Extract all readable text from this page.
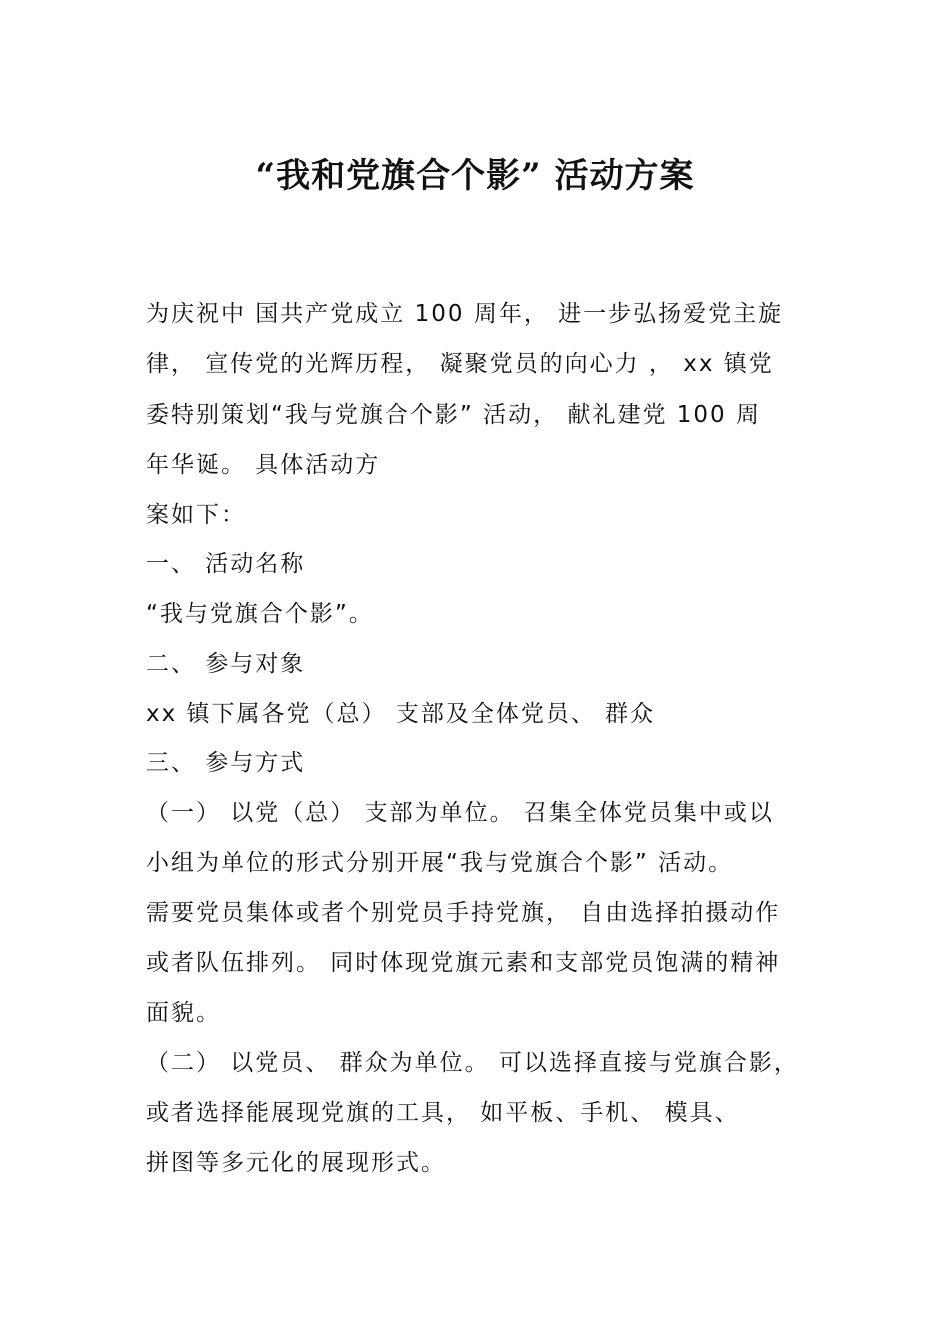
“我和党旗合个影” 活动方案
为庆祝中 国共产党成立 100 周年， 进一步弘扬爱党主旋
律， 宣传党的光辉历程， 凝聚党员的向心力 ， xx 镇党
委特别策划“我与党旗合个影” 活动， 献礼建党 100 周
年华诞。 具体活动方
案如下：
一、 活动名称
“我与党旗合个影”。
二、 参与对象
xx 镇下属各党（总） 支部及全体党员、 群众
三、 参与方式
（一） 以党（总） 支部为单位。 召集全体党员集中或以
小组为单位的形式分别开展“我与党旗合个影” 活动。
需要党员集体或者个别党员手持党旗， 自由选择拍摄动作
或者队伍排列。 同时体现党旗元素和支部党员饱满的精神
面貌。
（二） 以党员、 群众为单位。 可以选择直接与党旗合影，
或者选择能展现党旗的工具， 如平板、手机、 模具、
拼图等多元化的展现形式。
